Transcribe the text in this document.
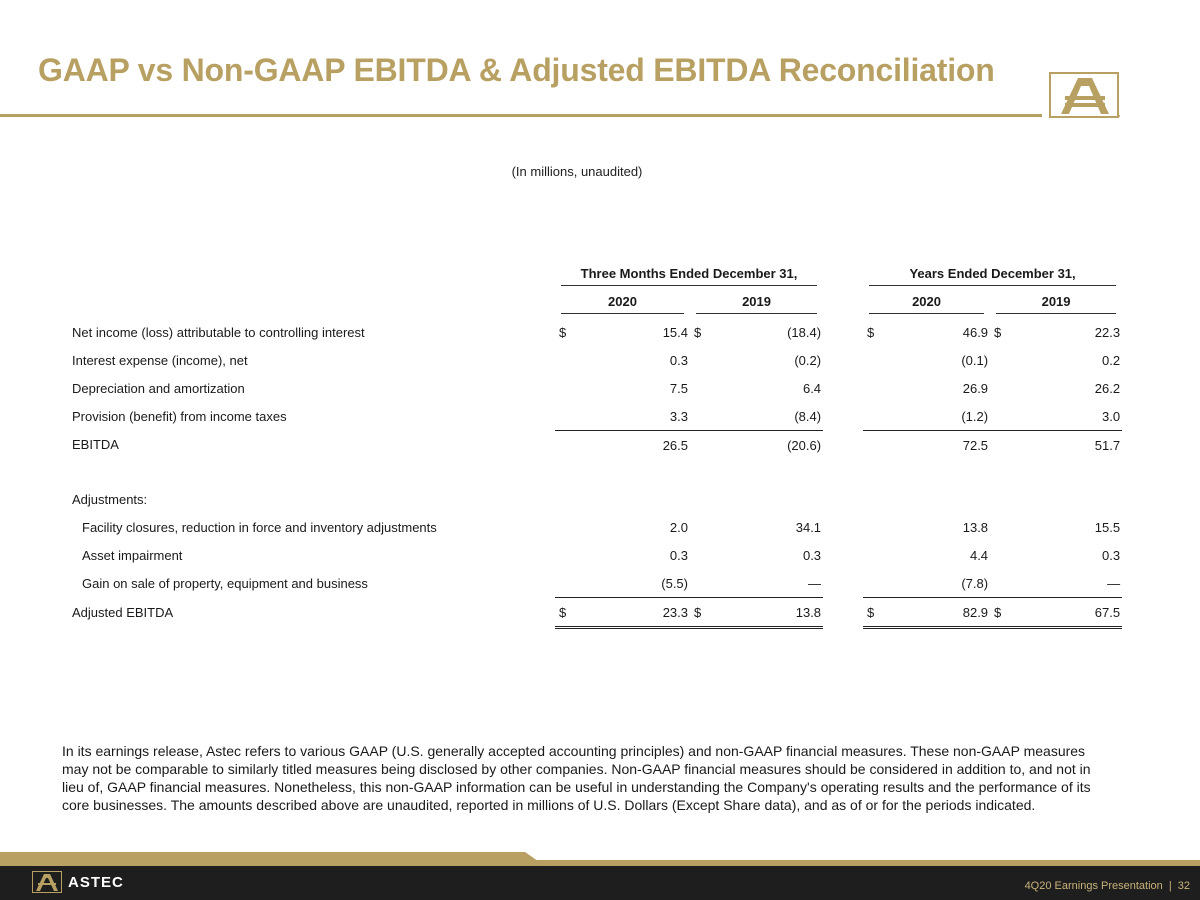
GAAP vs Non-GAAP EBITDA & Adjusted EBITDA Reconciliation
(In millions, unaudited)

	Three Months Ended December 31,					Years Ended December 31,			

	2020		2019			2020		2019	

Net income (loss) attributable to controlling interest	$	15.4	$	(18.4)		$	46.9	$	22.3
Interest expense (income), net		0.3		(0.2)			(0.1)		0.2
Depreciation and amortization		7.5		6.4			26.9		26.2
Provision (benefit) from income taxes		3.3		(8.4)			(1.2)		3.0
EBITDA		26.5		(20.6)			72.5		51.7

Adjustments:									
Facility closures, reduction in force and inventory adjustments		2.0		34.1			13.8		15.5
Asset impairment		0.3		0.3			4.4		0.3
Gain on sale of property, equipment and business		(5.5)		—			(7.8)		—
Adjusted EBITDA	$	23.3	$	13.8		$	82.9	$	67.5

In its earnings release, Astec refers to various GAAP (U.S. generally accepted accounting principles) and non-GAAP financial measures. These non-GAAP measures may not be comparable to similarly titled measures being disclosed by other companies. Non-GAAP financial measures should be considered in addition to, and not in lieu of, GAAP financial measures. Nonetheless, this non-GAAP information can be useful in understanding the Company's operating results and the performance of its core businesses. The amounts described above are unaudited, reported in millions of U.S. Dollars (Except Share data), and as of or for the periods indicated.

ASTEC	4Q20 Earnings Presentation | 32
